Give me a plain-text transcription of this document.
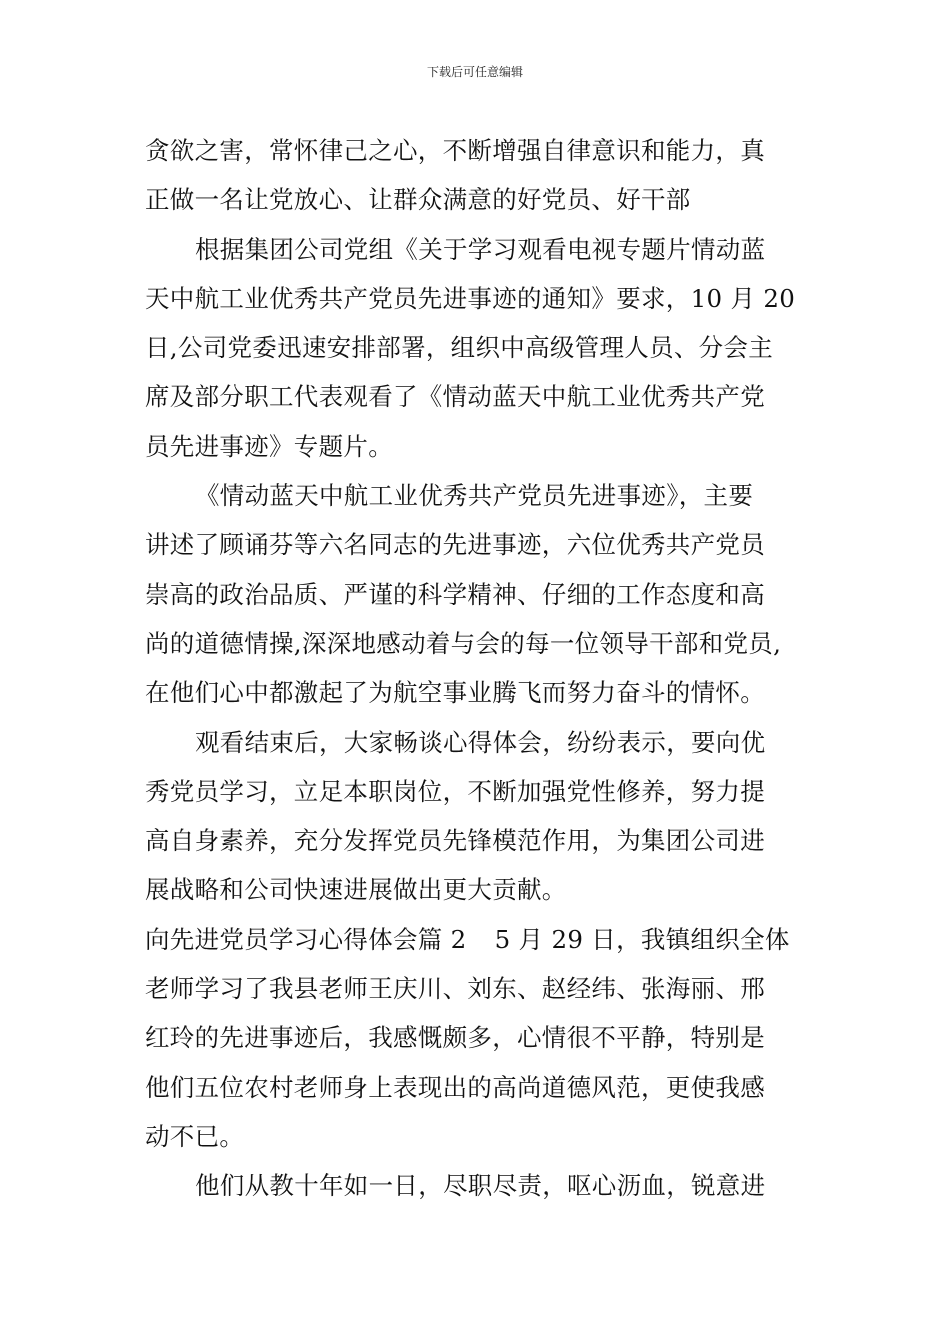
下载后可任意编辑
贪欲之害，常怀律己之心，不断增强自律意识和能力，真
正做一名让党放心、让群众满意的好党员、好干部
根据集团公司党组《关于学习观看电视专题片情动蓝
天中航工业优秀共产党员先进事迹的通知》要求，10 月 20
日,公司党委迅速安排部署，组织中高级管理人员、分会主
席及部分职工代表观看了《情动蓝天中航工业优秀共产党
员先进事迹》专题片。
《情动蓝天中航工业优秀共产党员先进事迹》，主要
讲述了顾诵芬等六名同志的先进事迹，六位优秀共产党员
崇高的政治品质、严谨的科学精神、仔细的工作态度和高
尚的道德情操,深深地感动着与会的每一位领导干部和党员,
在他们心中都激起了为航空事业腾飞而努力奋斗的情怀。
观看结束后，大家畅谈心得体会，纷纷表示，要向优
秀党员学习，立足本职岗位，不断加强党性修养，努力提
高自身素养，充分发挥党员先锋模范作用，为集团公司进
展战略和公司快速进展做出更大贡献。
向先进党员学习心得体会篇 2 5 月 29 日，我镇组织全体
老师学习了我县老师王庆川、刘东、赵经纬、张海丽、邢
红玲的先进事迹后，我感慨颇多，心情很不平静，特别是
他们五位农村老师身上表现出的高尚道德风范，更使我感
动不已。
他们从教十年如一日，尽职尽责，呕心沥血，锐意进
